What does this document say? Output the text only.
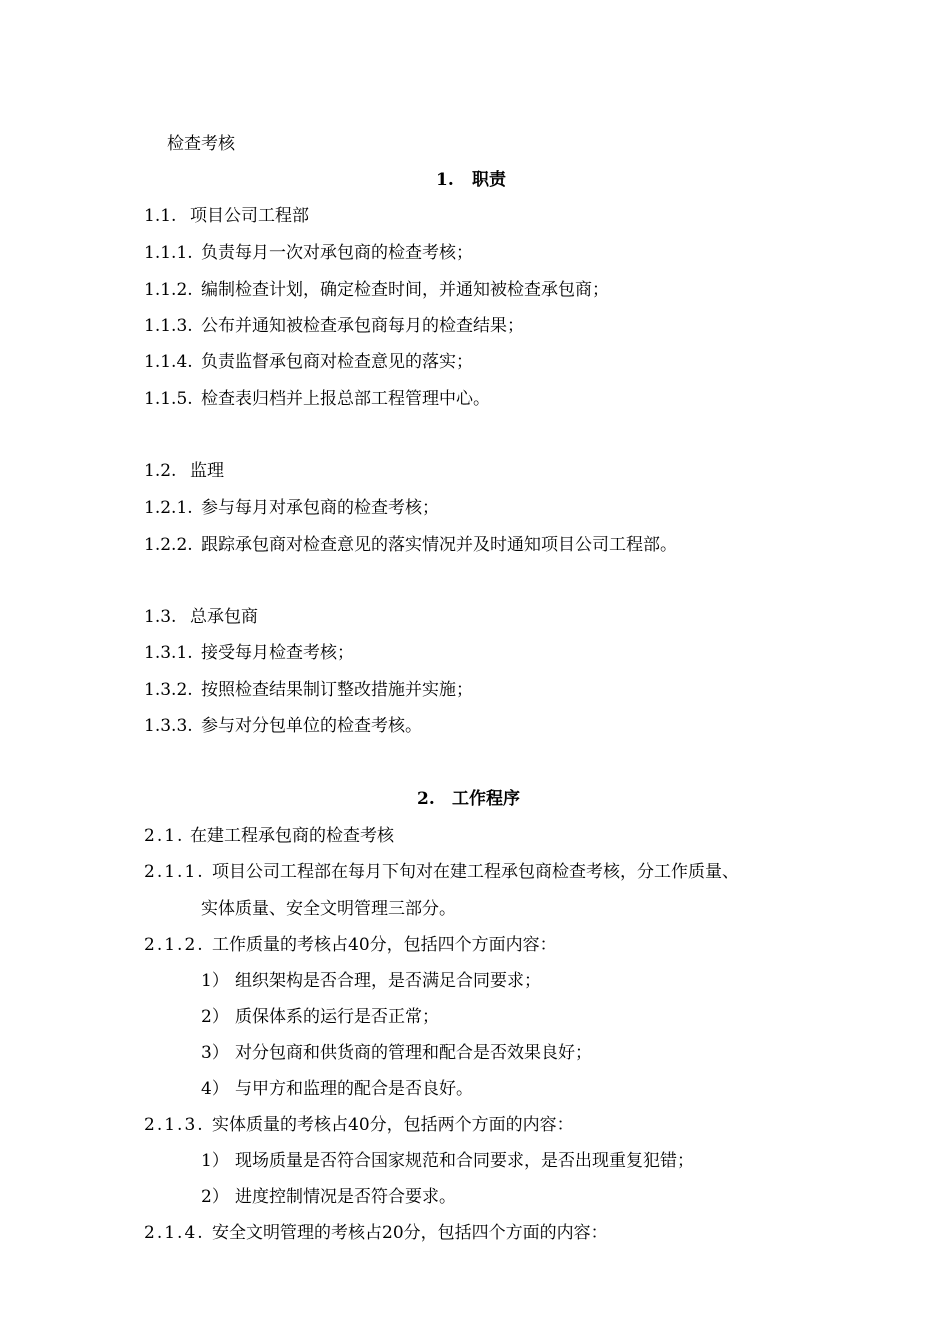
检查考核
1. 职责
1.1. 项目公司工程部
1.1.1. 负责每月一次对承包商的检查考核；
1.1.2. 编制检查计划，确定检查时间，并通知被检查承包商；
1.1.3. 公布并通知被检查承包商每月的检查结果；
1.1.4. 负责监督承包商对检查意见的落实；
1.1.5. 检查表归档并上报总部工程管理中心。
1.2. 监理
1.2.1. 参与每月对承包商的检查考核；
1.2.2. 跟踪承包商对检查意见的落实情况并及时通知项目公司工程部。
1.3. 总承包商
1.3.1. 接受每月检查考核；
1.3.2. 按照检查结果制订整改措施并实施；
1.3.3. 参与对分包单位的检查考核。
2. 工作程序
2.1. 在建工程承包商的检查考核
2.1.1. 项目公司工程部在每月下旬对在建工程承包商检查考核，分工作质量、
实体质量、安全文明管理三部分。
2.1.2. 工作质量的考核占40分，包括四个方面内容：
1） 组织架构是否合理，是否满足合同要求；
2） 质保体系的运行是否正常；
3） 对分包商和供货商的管理和配合是否效果良好；
4） 与甲方和监理的配合是否良好。
2.1.3. 实体质量的考核占40分，包括两个方面的内容：
1） 现场质量是否符合国家规范和合同要求，是否出现重复犯错；
2） 进度控制情况是否符合要求。
2.1.4. 安全文明管理的考核占20分，包括四个方面的内容：
